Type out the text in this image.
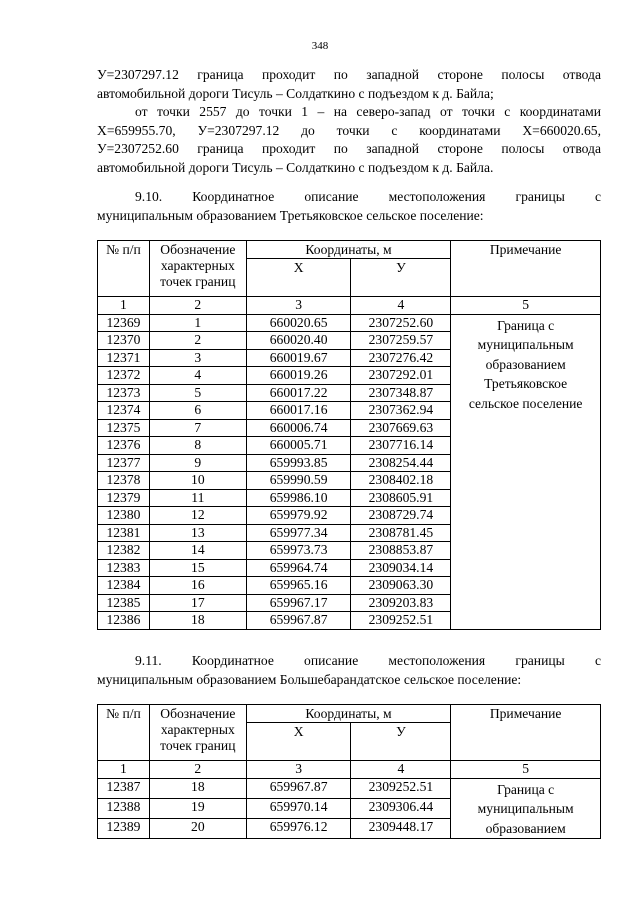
348
У=2307297.12 граница проходит по западной стороне полосы отвода
автомобильной дороги Тисуль – Солдаткино с подъездом к д. Байла;
от точки 2557 до точки 1 – на северо-запад от точки с координатами
Х=659955.70, У=2307297.12 до точки с координатами Х=660020.65,
У=2307252.60 граница проходит по западной стороне полосы отвода
автомобильной дороги Тисуль – Солдаткино с подъездом к д. Байла.
9.10. Координатное описание местоположения границы с
муниципальным образованием Третьяковское сельское поселение:
№ п/п	Обозначение
характерных
точек границ	Координаты, м		Примечание
		Х	У	
1	2	3	4	5
12369	1	660020.65	2307252.60	Граница с
муниципальным
образованием
Третьяковское
сельское поселение

12370	2	660020.40	2307259.57	
12371	3	660019.67	2307276.42	
12372	4	660019.26	2307292.01	
12373	5	660017.22	2307348.87	
12374	6	660017.16	2307362.94	
12375	7	660006.74	2307669.63	
12376	8	660005.71	2307716.14	
12377	9	659993.85	2308254.44	
12378	10	659990.59	2308402.18	
12379	11	659986.10	2308605.91	
12380	12	659979.92	2308729.74	
12381	13	659977.34	2308781.45	
12382	14	659973.73	2308853.87	
12383	15	659964.74	2309034.14	
12384	16	659965.16	2309063.30	
12385	17	659967.17	2309203.83	
12386	18	659967.87	2309252.51	
9.11. Координатное описание местоположения границы с
муниципальным образованием Большебарандатское сельское поселение:
№ п/п	Обозначение
характерных
точек границ	Координаты, м		Примечание
		Х	У	
1	2	3	4	5
12387	18	659967.87	2309252.51	Граница с
муниципальным
образованием

12388	19	659970.14	2309306.44	
12389	20	659976.12	2309448.17	
